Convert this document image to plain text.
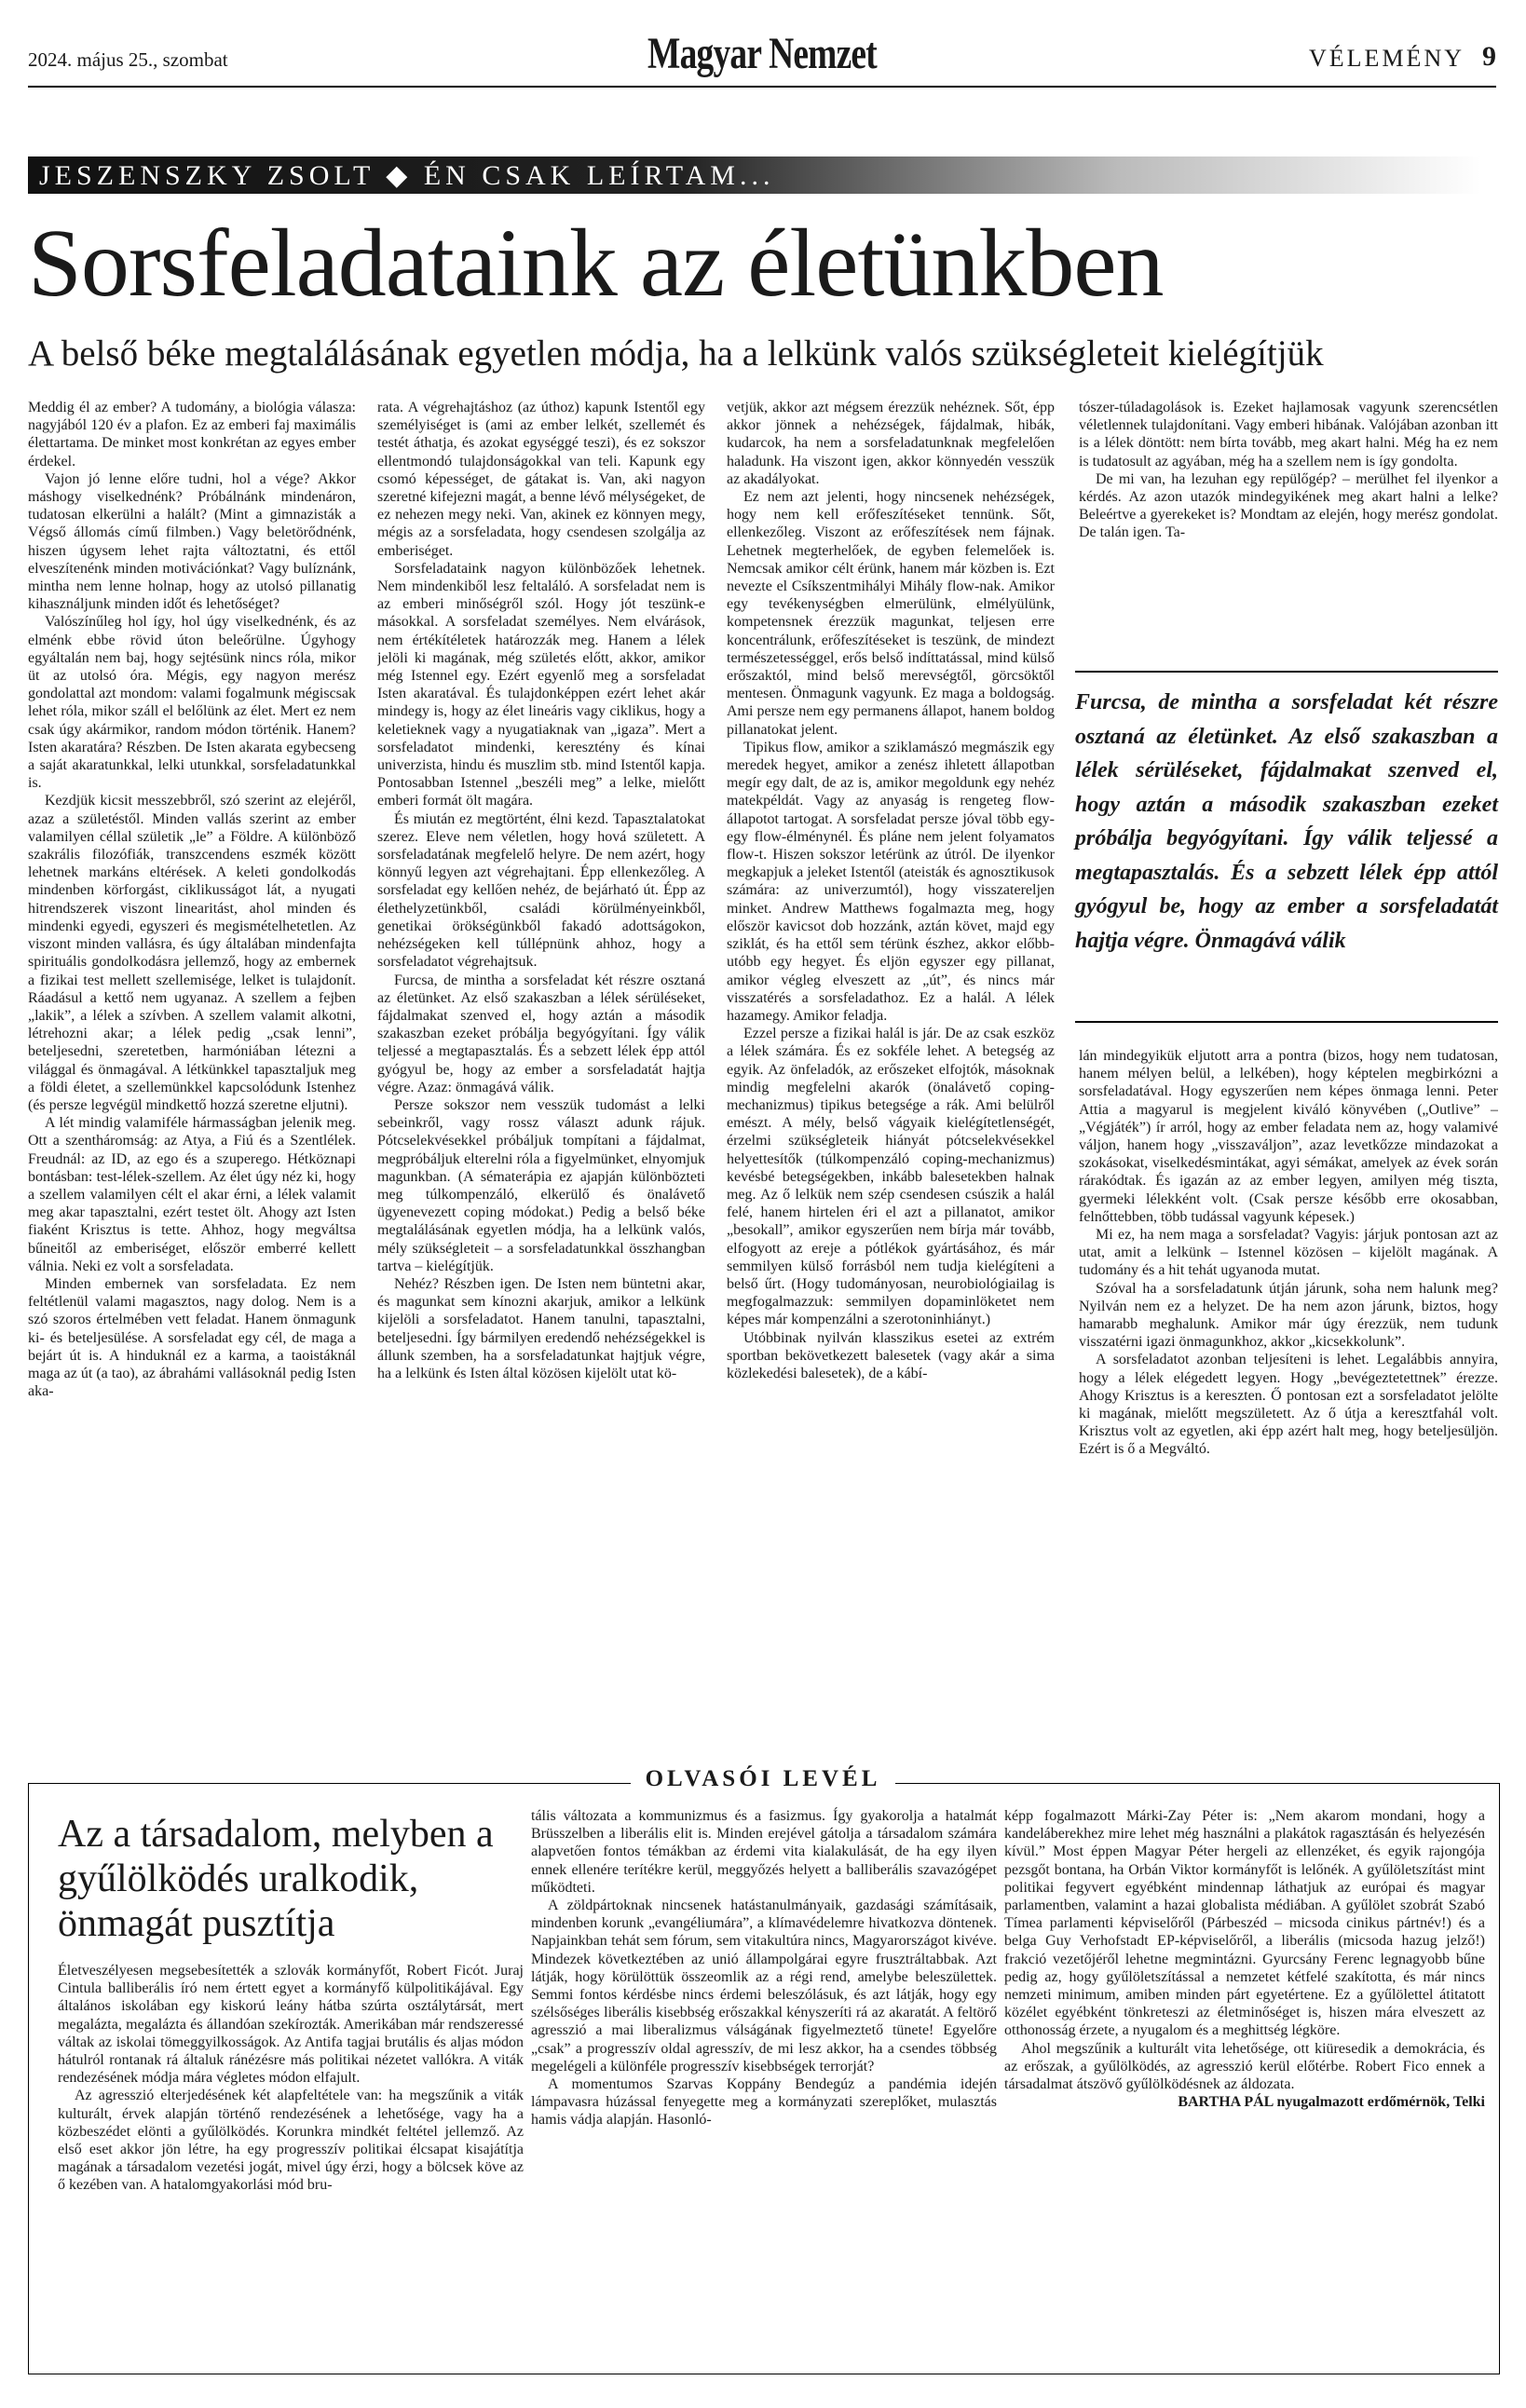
2024. május 25., szombat	Magyar Nemzet	VÉLEMÉNY 9
JESZENSZKY ZSOLT ◆ ÉN CSAK LEÍRTAM...
Sorsfeladataink az életünkben
A belső béke megtalálásának egyetlen módja, ha a lelkünk valós szükségleteit kielégítjük

Meddig él az ember? A tudomány, a biológia válasza: nagyjából 120 év a plafon. Ez az emberi faj maximális élettartama. De minket most konkrétan az egyes ember érdekel.

Vajon jó lenne előre tudni, hol a vége? Akkor máshogy viselkednénk? Próbálnánk mindenáron, tudatosan elkerülni a halált? (Mint a gimnazisták a Végső állomás című filmben.) Vagy beletörődnénk, hiszen úgysem lehet rajta változtatni, és ettől elveszítenénk minden motivációnkat? Vagy bulíznánk, mintha nem lenne holnap, hogy az utolsó pillanatig kihasználjunk minden időt és lehetőséget?

Valószínűleg hol így, hol úgy viselkednénk, és az elménk ebbe rövid úton beleőrülne. Úgyhogy egyáltalán nem baj, hogy sejtésünk nincs róla, mikor üt az utolsó óra. Mégis, egy nagyon merész gondolattal azt mondom: valami fogalmunk mégiscsak lehet róla, mikor száll el belőlünk az élet. Mert ez nem csak úgy akármikor, random módon történik. Hanem? Isten akaratára? Részben. De Isten akarata egybecseng a saját akaratunkkal, lelki utunkkal, sorsfeladatunkkal is.

Kezdjük kicsit messzebbről, szó szerint az elejéről, azaz a születéstől. Minden vallás szerint az ember valamilyen céllal születik „le” a Földre. A különböző szakrális filozófiák, transzcendens eszmék között lehetnek markáns eltérések. A keleti gondolkodás mindenben körforgást, ciklikusságot lát, a nyugati hitrendszerek viszont linearitást, ahol minden és mindenki egyedi, egyszeri és megismételhetetlen. Az viszont minden vallásra, és úgy általában mindenfajta spirituális gondolkodásra jellemző, hogy az embernek a fizikai test mellett szellemisége, lelket is tulajdonít. Ráadásul a kettő nem ugyanaz. A szellem a fejben „lakik”, a lélek a szívben. A szellem valamit alkotni, létrehozni akar; a lélek pedig „csak lenni”, beteljesedni, szeretetben, harmóniában létezni a világgal és önmagával. A létkünkkel tapasztaljuk meg a földi életet, a szellemünkkel kapcsolódunk Istenhez (és persze legvégül mindkettő hozzá szeretne eljutni).

A lét mindig valamiféle hármasságban jelenik meg. Ott a szentháromság: az Atya, a Fiú és a Szentlélek. Freudnál: az ID, az ego és a szuperego. Hétköznapi bontásban: test-lélek-szellem. Az élet úgy néz ki, hogy a szellem valamilyen célt el akar érni, a lélek valamit meg akar tapasztalni, ezért testet ölt. Ahogy azt Isten fiaként Krisztus is tette. Ahhoz, hogy megváltsa bűneitől az emberiséget, először emberré kellett válnia. Neki ez volt a sorsfeladata.

Minden embernek van sorsfeladata. Ez nem feltétlenül valami magasztos, nagy dolog. Nem is a szó szoros értelmében vett feladat. Hanem önmagunk ki- és beteljesülése. A sorsfeladat egy cél, de maga a bejárt út is. A hinduknál ez a karma, a taoistáknál maga az út (a tao), az ábrahámi vallásoknál pedig Isten aka-

rata. A végrehajtáshoz (az úthoz) kapunk Istentől egy személyiséget is (ami az ember lelkét, szellemét és testét áthatja, és azokat egységgé teszi), és ez sokszor ellentmondó tulajdonságokkal van teli. Kapunk egy csomó képességet, de gátakat is. Van, aki nagyon szeretné kifejezni magát, a benne lévő mélységeket, de ez nehezen megy neki. Van, akinek ez könnyen megy, mégis az a sorsfeladata, hogy csendesen szolgálja az emberiséget.

Sorsfeladataink nagyon különbözőek lehetnek. Nem mindenkiből lesz feltaláló. A sorsfeladat nem is az emberi minőségről szól. Hogy jót teszünk-e másokkal. A sorsfeladat személyes. Nem elvárások, nem értékítéletek határozzák meg. Hanem a lélek jelöli ki magának, még születés előtt, akkor, amikor még Istennel egy. Ezért egyenlő meg a sorsfeladat Isten akaratával. És tulajdonképpen ezért lehet akár mindegy is, hogy az élet lineáris vagy ciklikus, hogy a keletieknek vagy a nyugatiaknak van „igaza”. Mert a sorsfeladatot mindenki, keresztény és kínai univerzista, hindu és muszlim stb. mind Istentől kapja. Pontosabban Istennel „beszéli meg” a lelke, mielőtt emberi formát ölt magára.

És miután ez megtörtént, élni kezd. Tapasztalatokat szerez. Eleve nem véletlen, hogy hová született. A sorsfeladatának megfelelő helyre. De nem azért, hogy könnyű legyen azt végrehajtani. Épp ellenkezőleg. A sorsfeladat egy kellően nehéz, de bejárható út. Épp az élethelyzetünkből, családi körülményeinkből, genetikai örökségünkből fakadó adottságokon, nehézségeken kell túllépnünk ahhoz, hogy a sorsfeladatot végrehajtsuk.

Furcsa, de mintha a sorsfeladat két részre osztaná az életünket. Az első szakaszban a lélek sérüléseket, fájdalmakat szenved el, hogy aztán a második szakaszban ezeket próbálja begyógyítani. Így válik teljessé a megtapasztalás. És a sebzett lélek épp attól gyógyul be, hogy az ember a sorsfeladatát hajtja végre. Azaz: önmagává válik.

Persze sokszor nem vesszük tudomást a lelki sebeinkről, vagy rossz választ adunk rájuk. Pótcselekvésekkel próbáljuk tompítani a fájdalmat, megpróbáljuk elterelni róla a figyelmünket, elnyomjuk magunkban. (A sématerápia ez ajapján különbözteti meg túlkompenzáló, elkerülő és önalávető ügyenevezett coping módokat.) Pedig a belső béke megtalálásának egyetlen módja, ha a lelkünk valós, mély szükségleteit – a sorsfeladatunkkal összhangban tartva – kielégítjük.

Nehéz? Részben igen. De Isten nem büntetni akar, és magunkat sem kínozni akarjuk, amikor a lelkünk kijelöli a sorsfeladatot. Hanem tanulni, tapasztalni, beteljesedni. Így bármilyen eredendő nehézségekkel is állunk szemben, ha a sorsfeladatunkat hajtjuk végre, ha a lelkünk és Isten által közösen kijelölt utat kö-

vetjük, akkor azt mégsem érezzük nehéznek. Sőt, épp akkor jönnek a nehézségek, fájdalmak, hibák, kudarcok, ha nem a sorsfeladatunknak megfelelően haladunk. Ha viszont igen, akkor könnyedén vesszük az akadályokat.

Ez nem azt jelenti, hogy nincsenek nehézségek, hogy nem kell erőfeszítéseket tennünk. Sőt, ellenkezőleg. Viszont az erőfeszítések nem fájnak. Lehetnek megterhelőek, de egyben felemelőek is. Nemcsak amikor célt érünk, hanem már közben is. Ezt nevezte el Csíkszentmihályi Mihály flow-nak. Amikor egy tevékenységben elmerülünk, elmélyülünk, kompetensnek érezzük magunkat, teljesen erre koncentrálunk, erőfeszítéseket is teszünk, de mindezt természetességgel, erős belső indíttatással, mind külső erőszaktól, mind belső merevségtől, görcsöktől mentesen. Önmagunk vagyunk. Ez maga a boldogság. Ami persze nem egy permanens állapot, hanem boldog pillanatokat jelent.

Tipikus flow, amikor a sziklamászó megmászik egy meredek hegyet, amikor a zenész ihletett állapotban megír egy dalt, de az is, amikor megoldunk egy nehéz matekpéldát. Vagy az anyaság is rengeteg flow-állapotot tartogat. A sorsfeladat persze jóval több egy-egy flow-élménynél. És pláne nem jelent folyamatos flow-t. Hiszen sokszor letérünk az útról. De ilyenkor megkapjuk a jeleket Istentől (ateisták és agnosztikusok számára: az univerzumtól), hogy visszatereljen minket. Andrew Matthews fogalmazta meg, hogy először kavicsot dob hozzánk, aztán követ, majd egy sziklát, és ha ettől sem térünk észhez, akkor előbb-utóbb egy hegyet. És eljön egyszer egy pillanat, amikor végleg elveszett az „út”, és nincs már visszatérés a sorsfeladathoz. Ez a halál. A lélek hazamegy. Amikor feladja.

Ezzel persze a fizikai halál is jár. De az csak eszköz a lélek számára. És ez sokféle lehet. A betegség az egyik. Az önfeladók, az erőszeket elfojtók, másoknak mindig megfelelni akarók (önalávető coping-mechanizmus) tipikus betegsége a rák. Ami belülről emészt. A mély, belső vágyaik kielégítetlenségét, érzelmi szükségleteik hiányát pótcselekvésekkel helyettesítők (túlkompenzáló coping-mechanizmus) kevésbé betegségekben, inkább balesetekben halnak meg. Az ő lelkük nem szép csendesen csúszik a halál felé, hanem hirtelen éri el azt a pillanatot, amikor „besokall”, amikor egyszerűen nem bírja már tovább, elfogyott az ereje a pótlékok gyártásához, és már semmilyen külső forrásból nem tudja kielégíteni a belső űrt. (Hogy tudományosan, neurobiológiailag is megfogalmazzuk: semmilyen dopaminlöketet nem képes már kompenzálni a szerotoninhiányt.)

Utóbbinak nyilván klasszikus esetei az extrém sportban bekövetkezett balesetek (vagy akár a sima közlekedési balesetek), de a kábí-

tószer-túladagolások is. Ezeket hajlamosak vagyunk szerencsétlen véletlennek tulajdonítani. Vagy emberi hibának. Valójában azonban itt is a lélek döntött: nem bírta tovább, meg akart halni. Még ha ez nem is tudatosult az agyában, még ha a szellem nem is így gondolta.

De mi van, ha lezuhan egy repülőgép? – merülhet fel ilyenkor a kérdés. Az azon utazók mindegyikének meg akart halni a lelke? Beleértve a gyerekeket is? Mondtam az elején, hogy merész gondolat. De talán igen. Ta-

Furcsa, de mintha a sorsfeladat két részre osztaná az életünket. Az első szakaszban a lélek sérüléseket, fájdalmakat szenved el, hogy aztán a második szakaszban ezeket próbálja begyógyítani. Így válik teljessé a megtapasztalás. És a sebzett lélek épp attól gyógyul be, hogy az ember a sorsfeladatát hajtja végre. Önmagává válik

lán mindegyikük eljutott arra a pontra (bizos, hogy nem tudatosan, hanem mélyen belül, a lelkében), hogy képtelen megbirkózni a sorsfeladatával. Hogy egyszerűen nem képes önmaga lenni. Peter Attia a magyarul is megjelent kiváló könyvében („Outlive” – „Végjáték”) ír arról, hogy az ember feladata nem az, hogy valamivé váljon, hanem hogy „visszaváljon”, azaz levetkőzze mindazokat a szokásokat, viselkedésmintákat, agyi sémákat, amelyek az évek során rárakódtak. És igazán az az ember legyen, amilyen még tiszta, gyermeki lélekként volt. (Csak persze később erre okosabban, felnőttebben, több tudással vagyunk képesek.)

Mi ez, ha nem maga a sorsfeladat? Vagyis: járjuk pontosan azt az utat, amit a lelkünk – Istennel közösen – kijelölt magának. A tudomány és a hit tehát ugyanoda mutat.

Szóval ha a sorsfeladatunk útján járunk, soha nem halunk meg? Nyilván nem ez a helyzet. De ha nem azon járunk, biztos, hogy hamarabb meghalunk. Amikor már úgy érezzük, nem tudunk visszatérni igazi önmagunkhoz, akkor „kicsekkolunk”.

A sorsfeladatot azonban teljesíteni is lehet. Legalábbis annyira, hogy a lélek elégedett legyen. Hogy „bevégeztetettnek” érezze. Ahogy Krisztus is a kereszten. Ő pontosan ezt a sorsfeladatot jelölte ki magának, mielőtt megszületett. Az ő útja a keresztfahál volt. Krisztus volt az egyetlen, aki épp azért halt meg, hogy beteljesüljön. Ezért is ő a Megváltó.

OLVASÓI LEVÉL
Az a társadalom, melyben a gyűlölködés uralkodik, önmagát pusztítja

Életveszélyesen megsebesítették a szlovák kormányfőt, Robert Ficót. Juraj Cintula balliberális író nem értett egyet a kormányfő külpolitikájával. Egy általános iskolában egy kiskorú leány hátba szúrta osztálytársát, mert megalázta, megalázta és állandóan szekírozták. Amerikában már rendszeressé váltak az iskolai tömeggyilkosságok. Az Antifa tagjai brutális és aljas módon hátulról rontanak rá általuk ránézésre más politikai nézetet vallókra. A viták rendezésének módja mára végletes módon elfajult.

Az agresszió elterjedésének két alapfeltétele van: ha megszűnik a viták kulturált, érvek alapján történő rendezésének a lehetősége, vagy ha a közbeszédet elönti a gyűlölködés. Korunkra mindkét feltétel jellemző. Az első eset akkor jön létre, ha egy progresszív politikai élcsapat kisajátítja magának a társadalom vezetési jogát, mivel úgy érzi, hogy a bölcsek köve az ő kezében van. A hatalomgyakorlási mód bru-

tális változata a kommunizmus és a fasizmus. Így gyakorolja a hatalmát Brüsszelben a liberális elit is. Minden erejével gátolja a társadalom számára alapvetően fontos témákban az érdemi vita kialakulását, de ha egy ilyen ennek ellenére terítékre kerül, meggyőzés helyett a balliberális szavazógépet működteti.

A zöldpártoknak nincsenek hatástanulmányaik, gazdasági számításaik, mindenben korunk „evangéliumára”, a klímavédelemre hivatkozva döntenek. Napjainkban tehát sem fórum, sem vitakultúra nincs, Magyarországot kivéve. Mindezek következtében az unió állampolgárai egyre frusztráltabbak. Azt látják, hogy körülöttük összeomlik az a régi rend, amelybe beleszülettek. Semmi fontos kérdésbe nincs érdemi beleszólásuk, és azt látják, hogy egy szélsőséges liberális kisebbség erőszakkal kényszeríti rá az akaratát. A feltörő agresszió a mai liberalizmus válságának figyelmeztető tünete! Egyelőre „csak” a progresszív oldal agresszív, de mi lesz akkor, ha a csendes többség megelégeli a különféle progresszív kisebbségek terrorját?

A momentumos Szarvas Koppány Bendegúz a pandémia idején lámpavasra húzással fenyegette meg a kormányzati szereplőket, mulasztás hamis vádja alapján. Hasonló-

képp fogalmazott Márki-Zay Péter is: „Nem akarom mondani, hogy a kandeláberekhez mire lehet még használni a plakátok ragasztásán és helyezésén kívül.” Most éppen Magyar Péter hergeli az ellenzéket, és egyik rajongója pezsgőt bontana, ha Orbán Viktor kormányfőt is lelőnék. A gyűlöletszítást mint politikai fegyvert egyébként mindennap láthatjuk az európai és magyar parlamentben, valamint a hazai globalista médiában. A gyűlölet szobrát Szabó Tímea parlamenti képviselőről (Párbeszéd – micsoda cinikus pártnév!) és a belga Guy Verhofstadt EP-képviselőről, a liberális (micsoda hazug jelző!) frakció vezetőjéről lehetne megmintázni. Gyurcsány Ferenc legnagyobb bűne pedig az, hogy gyűlöletszítással a nemzetet kétfelé szakította, és már nincs nemzeti minimum, amiben minden párt egyetértene. Ez a gyűlölettel átitatott közélet egyébként tönkreteszi az életminőséget is, hiszen mára elveszett az otthonosság érzete, a nyugalom és a meghittség légköre.

Ahol megszűnik a kulturált vita lehetősége, ott kiüresedik a demokrácia, és az erőszak, a gyűlölködés, az agresszió kerül előtérbe. Robert Fico ennek a társadalmat átszövő gyűlölködésnek az áldozata.

BARTHA PÁL nyugalmazott erdőmérnök, Telki
